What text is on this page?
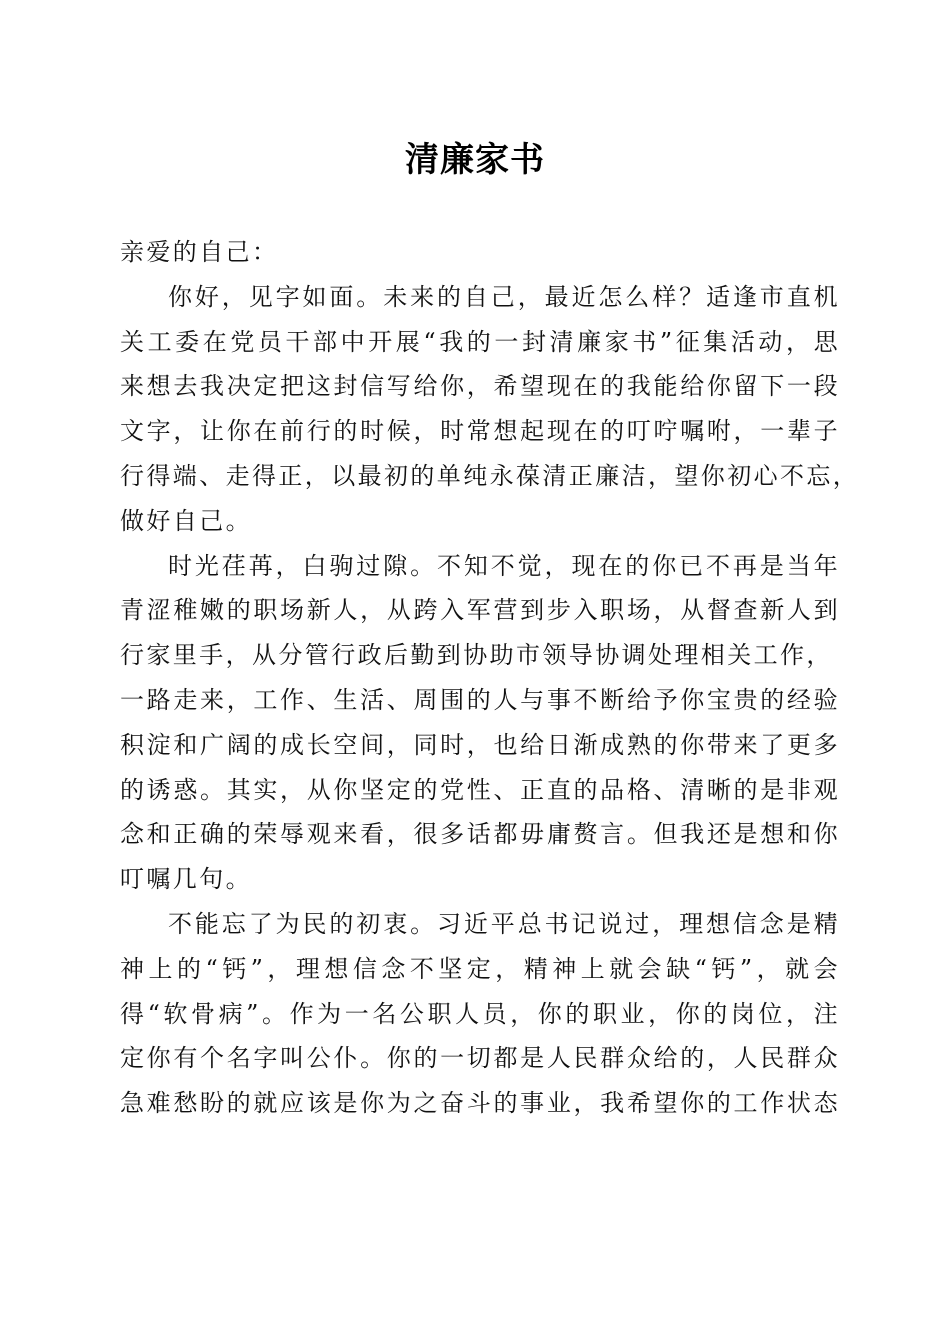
清廉家书
亲爱的自己：
你好，见字如面。未来的自己，最近怎么样？适逢市直机
关工委在党员干部中开展“我的一封清廉家书”征集活动，思
来想去我决定把这封信写给你，希望现在的我能给你留下一段
文字，让你在前行的时候，时常想起现在的叮咛嘱咐，一辈子
行得端、走得正，以最初的单纯永葆清正廉洁，望你初心不忘，
做好自己。
时光荏苒，白驹过隙。不知不觉，现在的你已不再是当年
青涩稚嫩的职场新人，从跨入军营到步入职场，从督查新人到
行家里手，从分管行政后勤到协助市领导协调处理相关工作，
一路走来，工作、生活、周围的人与事不断给予你宝贵的经验
积淀和广阔的成长空间，同时，也给日渐成熟的你带来了更多
的诱惑。其实，从你坚定的党性、正直的品格、清晰的是非观
念和正确的荣辱观来看，很多话都毋庸赘言。但我还是想和你
叮嘱几句。
不能忘了为民的初衷。习近平总书记说过，理想信念是精
神上的“钙”，理想信念不坚定，精神上就会缺“钙”，就会
得“软骨病”。作为一名公职人员，你的职业，你的岗位，注
定你有个名字叫公仆。你的一切都是人民群众给的，人民群众
急难愁盼的就应该是你为之奋斗的事业，我希望你的工作状态
